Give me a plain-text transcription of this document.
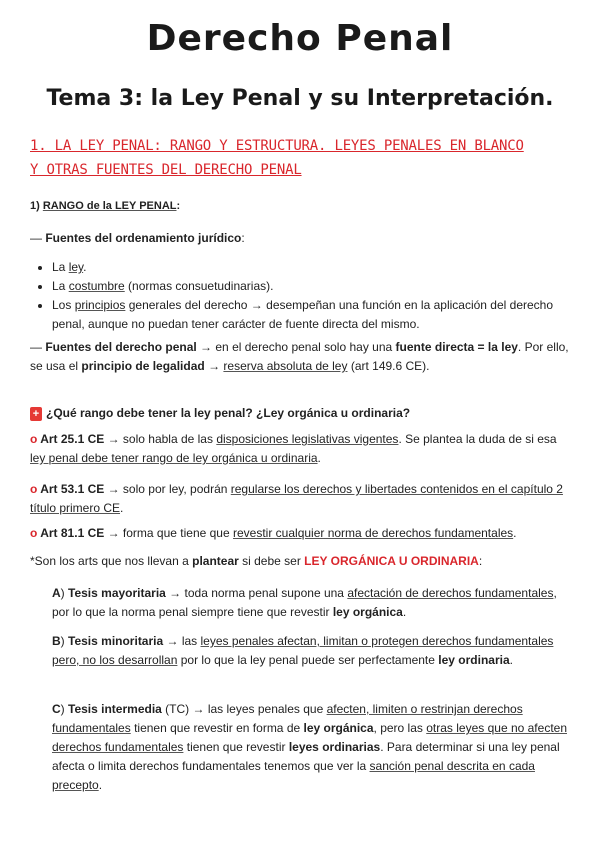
Derecho Penal
Tema 3: la Ley Penal y su Interpretación.
1. LA LEY PENAL: RANGO Y ESTRUCTURA. LEYES PENALES EN BLANCO
Y OTRAS FUENTES DEL DERECHO PENAL
1) RANGO de la LEY PENAL:
— Fuentes del ordenamiento jurídico:
• La ley.
• La costumbre (normas consuetudinarias).
• Los principios generales del derecho → desempeñan una función en la aplicación del derecho penal, aunque no puedan tener carácter de fuente directa del mismo.
— Fuentes del derecho penal → en el derecho penal solo hay una fuente directa = la ley. Por ello, se usa el principio de legalidad → reserva absoluta de ley (art 149.6 CE).
+ ¿Qué rango debe tener la ley penal? ¿Ley orgánica u ordinaria?
o Art 25.1 CE → solo habla de las disposiciones legislativas vigentes. Se plantea la duda de si esa ley penal debe tener rango de ley orgánica u ordinaria.
o Art 53.1 CE → solo por ley, podrán regularse los derechos y libertades contenidos en el capítulo 2 título primero CE.
o Art 81.1 CE → forma que tiene que revestir cualquier norma de derechos fundamentales.
*Son los arts que nos llevan a plantear si debe ser LEY ORGÁNICA U ORDINARIA:
A) Tesis mayoritaria → toda norma penal supone una afectación de derechos fundamentales, por lo que la norma penal siempre tiene que revestir ley orgánica.
B) Tesis minoritaria → las leyes penales afectan, limitan o protegen derechos fundamentales pero, no los desarrollan por lo que la ley penal puede ser perfectamente ley ordinaria.
C) Tesis intermedia (TC) → las leyes penales que afecten, limiten o restrinjan derechos fundamentales tienen que revestir en forma de ley orgánica, pero las otras leyes que no afecten derechos fundamentales tienen que revestir leyes ordinarias. Para determinar si una ley penal afecta o limita derechos fundamentales tenemos que ver la sanción penal descrita en cada precepto.
